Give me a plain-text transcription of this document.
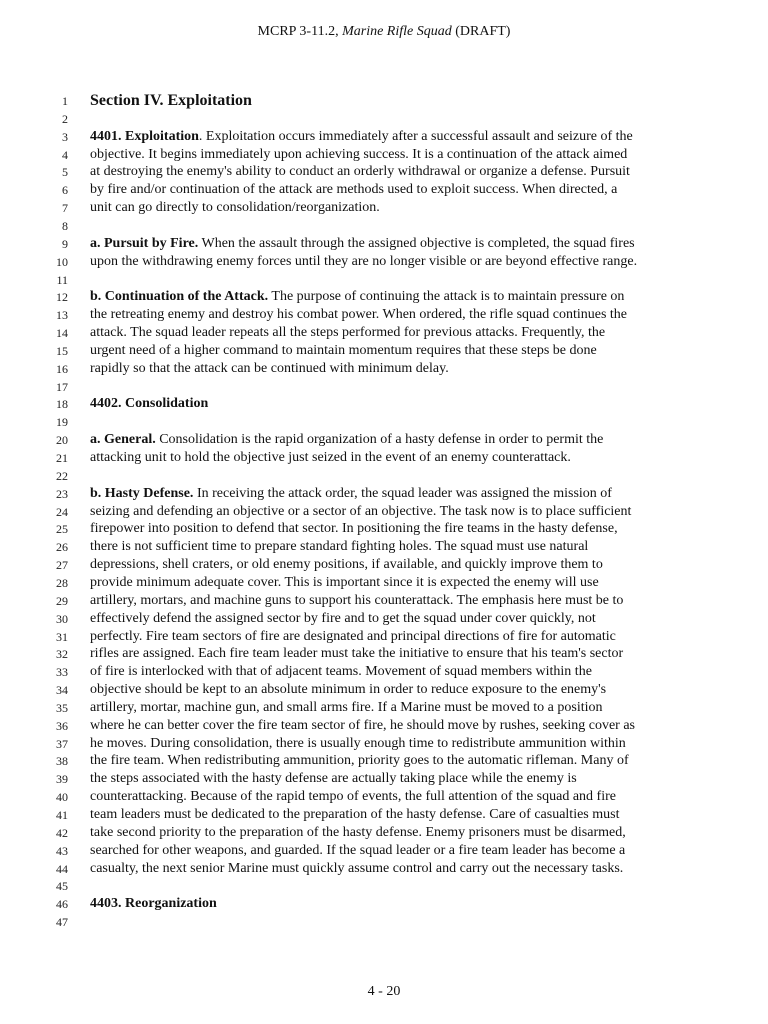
MCRP 3-11.2, Marine Rifle Squad (DRAFT)
1 Section IV. Exploitation
2
3 4401. Exploitation. Exploitation occurs immediately after a successful assault and seizure of the
4 objective. It begins immediately upon achieving success. It is a continuation of the attack aimed
5 at destroying the enemy's ability to conduct an orderly withdrawal or organize a defense. Pursuit
6 by fire and/or continuation of the attack are methods used to exploit success. When directed, a
7 unit can go directly to consolidation/reorganization.
8
9 a. Pursuit by Fire. When the assault through the assigned objective is completed, the squad fires
10 upon the withdrawing enemy forces until they are no longer visible or are beyond effective range.
11
12 b. Continuation of the Attack. The purpose of continuing the attack is to maintain pressure on
13 the retreating enemy and destroy his combat power. When ordered, the rifle squad continues the
14 attack. The squad leader repeats all the steps performed for previous attacks. Frequently, the
15 urgent need of a higher command to maintain momentum requires that these steps be done
16 rapidly so that the attack can be continued with minimum delay.
17
18 4402. Consolidation
19
20 a. General. Consolidation is the rapid organization of a hasty defense in order to permit the
21 attacking unit to hold the objective just seized in the event of an enemy counterattack.
22
23 b. Hasty Defense. In receiving the attack order, the squad leader was assigned the mission of
24 seizing and defending an objective or a sector of an objective. The task now is to place sufficient
25 firepower into position to defend that sector. In positioning the fire teams in the hasty defense,
26 there is not sufficient time to prepare standard fighting holes. The squad must use natural
27 depressions, shell craters, or old enemy positions, if available, and quickly improve them to
28 provide minimum adequate cover. This is important since it is expected the enemy will use
29 artillery, mortars, and machine guns to support his counterattack. The emphasis here must be to
30 effectively defend the assigned sector by fire and to get the squad under cover quickly, not
31 perfectly. Fire team sectors of fire are designated and principal directions of fire for automatic
32 rifles are assigned. Each fire team leader must take the initiative to ensure that his team's sector
33 of fire is interlocked with that of adjacent teams. Movement of squad members within the
34 objective should be kept to an absolute minimum in order to reduce exposure to the enemy's
35 artillery, mortar, machine gun, and small arms fire. If a Marine must be moved to a position
36 where he can better cover the fire team sector of fire, he should move by rushes, seeking cover as
37 he moves. During consolidation, there is usually enough time to redistribute ammunition within
38 the fire team. When redistributing ammunition, priority goes to the automatic rifleman. Many of
39 the steps associated with the hasty defense are actually taking place while the enemy is
40 counterattacking. Because of the rapid tempo of events, the full attention of the squad and fire
41 team leaders must be dedicated to the preparation of the hasty defense. Care of casualties must
42 take second priority to the preparation of the hasty defense. Enemy prisoners must be disarmed,
43 searched for other weapons, and guarded. If the squad leader or a fire team leader has become a
44 casualty, the next senior Marine must quickly assume control and carry out the necessary tasks.
45
46 4403. Reorganization
47
4 - 20
